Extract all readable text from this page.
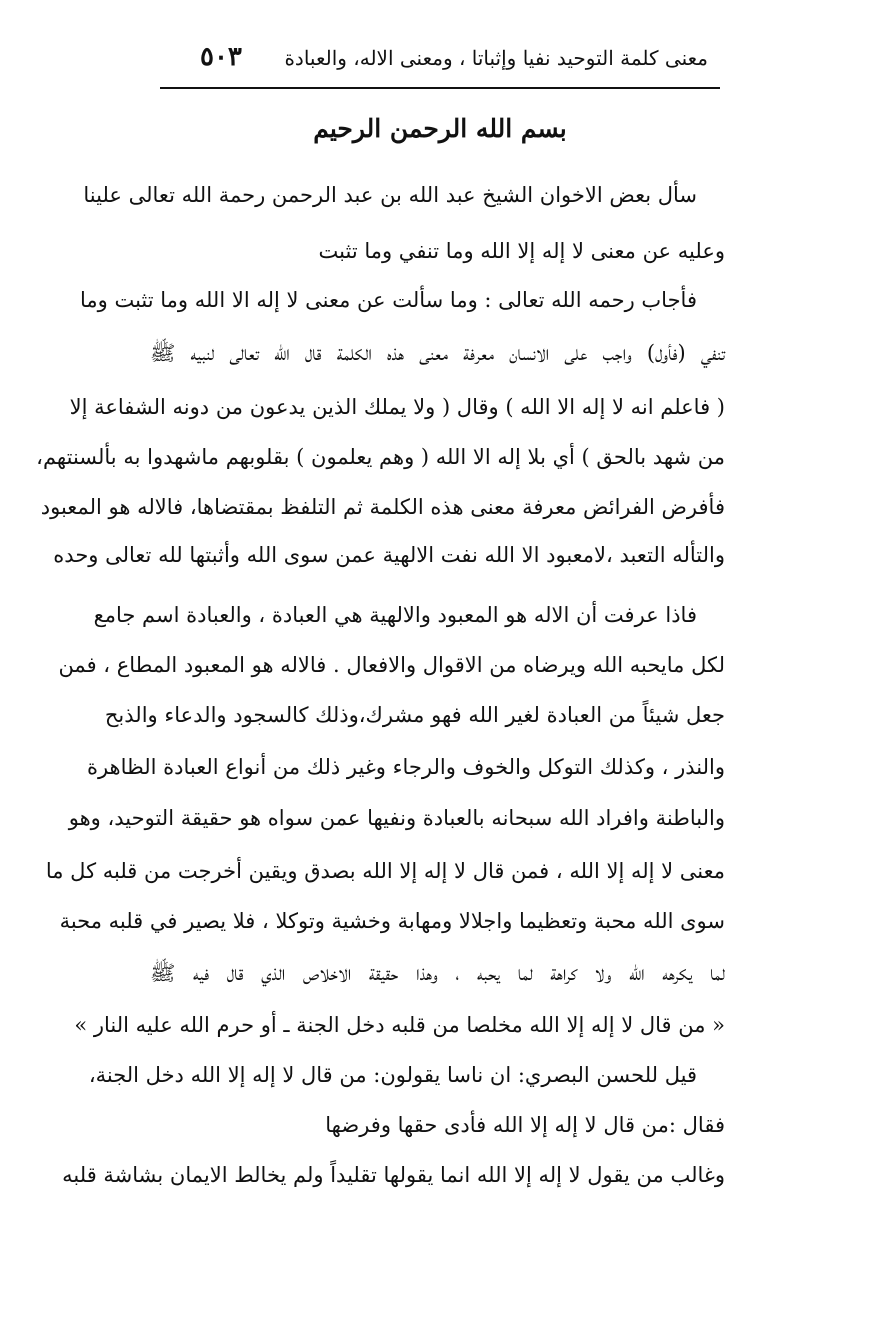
معنى كلمة التوحيد نفيا وإثباتا ، ومعنى الاله، والعبادة
٥٠٣
بسم الله الرحمن الرحيم
سأل بعض الاخوان الشيخ عبد الله بن عبد الرحمن رحمة الله تعالى علينا
وعليه عن معنى لا إله إلا الله وما تنفي وما تثبت
فأجاب رحمه الله تعالى : وما سألت عن معنى لا إله الا الله وما تثبت وما
تنفي (فأول) واجب على الانسان معرفة معنى هذه الكلمة قال الله تعالى لنبيه ﷺ
( فاعلم انه لا إله الا الله ) وقال ( ولا يملك الذين يدعون من دونه الشفاعة إلا
من شهد بالحق ) أي بلا إله الا الله ( وهم يعلمون ) بقلوبهم ماشهدوا به بألسنتهم،
فأفرض الفرائض معرفة معنى هذه الكلمة ثم التلفظ بمقتضاها، فالاله هو المعبود
والتأله التعبد ،لامعبود الا الله نفت الالهية عمن سوى الله وأثبتها لله تعالى وحده
فاذا عرفت أن الاله هو المعبود والالهية هي العبادة ، والعبادة اسم جامع
لكل مايحبه الله ويرضاه من الاقوال والافعال . فالاله هو المعبود المطاع ، فمن
جعل شيئاً من العبادة لغير الله فهو مشرك،وذلك كالسجود والدعاء والذبح
والنذر ، وكذلك التوكل والخوف والرجاء وغير ذلك من أنواع العبادة الظاهرة
والباطنة وافراد الله سبحانه بالعبادة ونفيها عمن سواه هو حقيقة التوحيد، وهو
معنى لا إله إلا الله ، فمن قال لا إله إلا الله بصدق ويقين أخرجت من قلبه كل ما
سوى الله محبة وتعظيما واجلالا ومهابة وخشية وتوكلا ، فلا يصير في قلبه محبة
لما يكرهه الله ولا كراهة لما يحبه ، وهذا حقيقة الاخلاص الذي قال فيه ﷺ
« من قال لا إله إلا الله مخلصا من قلبه دخل الجنة ـ أو حرم الله عليه النار »
قيل للحسن البصري: ان ناسا يقولون: من قال لا إله إلا الله دخل الجنة،
فقال :من قال لا إله إلا الله فأدى حقها وفرضها
وغالب من يقول لا إله إلا الله انما يقولها تقليداً ولم يخالط الايمان بشاشة قلبه
